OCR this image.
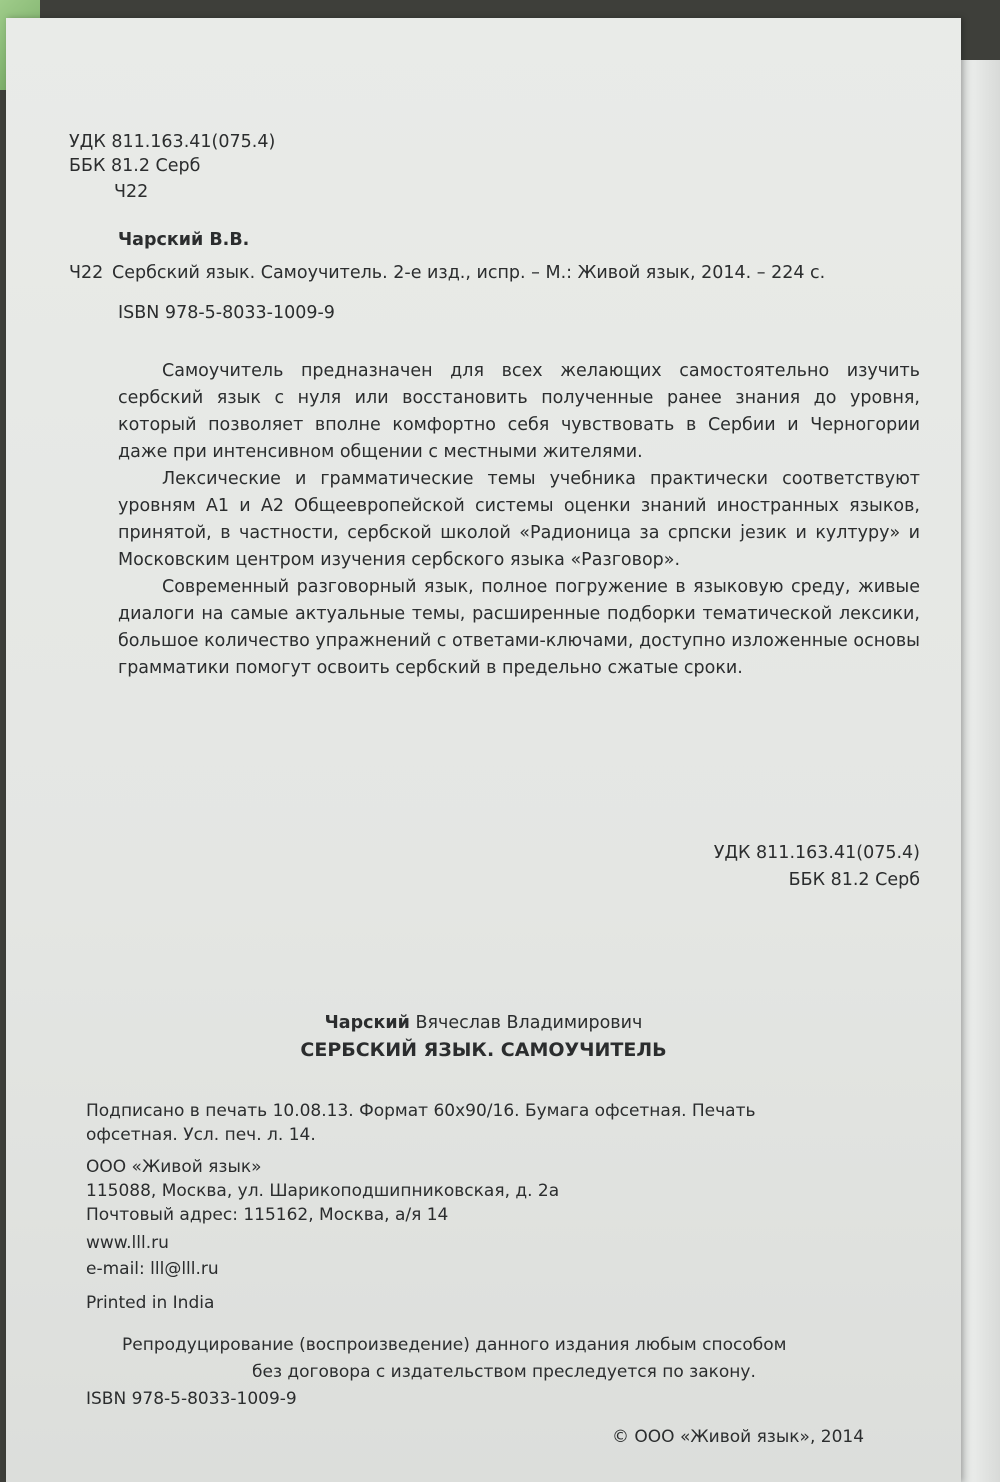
УДК 811.163.41(075.4)
ББК 81.2 Серб
Ч22
Чарский В.В.
Ч22 Сербский язык. Самоучитель. 2-е изд., испр. – М.: Живой язык, 2014. – 224 с.
ISBN 978-5-8033-1009-9

Самоучитель предназначен для всех желающих самостоятельно изучить сербский язык с нуля или восстановить полученные ранее знания до уровня, который позволяет вполне комфортно себя чувствовать в Сербии и Черногории даже при интенсивном общении с местными жителями.

Лексические и грамматические темы учебника практически соответствуют уровням А1 и А2 Общеевропейской системы оценки знаний иностранных языков, принятой, в частности, сербской школой «Радионица за српски језик и културу» и Московским центром изучения сербского языка «Разговор».

Современный разговорный язык, полное погружение в языковую среду, живые диалоги на самые актуальные темы, расширенные подборки тематической лексики, большое количество упражнений с ответами-ключами, доступно изложенные основы грамматики помогут освоить сербский в предельно сжатые сроки.

УДК 811.163.41(075.4)
ББК 81.2 Серб
Чарский Вячеслав Владимирович
СЕРБСКИЙ ЯЗЫК. САМОУЧИТЕЛЬ
Подписано в печать 10.08.13. Формат 60х90/16. Бумага офсетная. Печать
офсетная. Усл. печ. л. 14.
ООО «Живой язык»
115088, Москва, ул. Шарикоподшипниковская, д. 2а
Почтовый адрес: 115162, Москва, а/я 14
www.lll.ru
e-mail: lll@lll.ru
Printed in India
Репродуцирование (воспроизведение) данного издания любым способом
без договора с издательством преследуется по закону.
ISBN 978-5-8033-1009-9
© ООО «Живой язык», 2014
